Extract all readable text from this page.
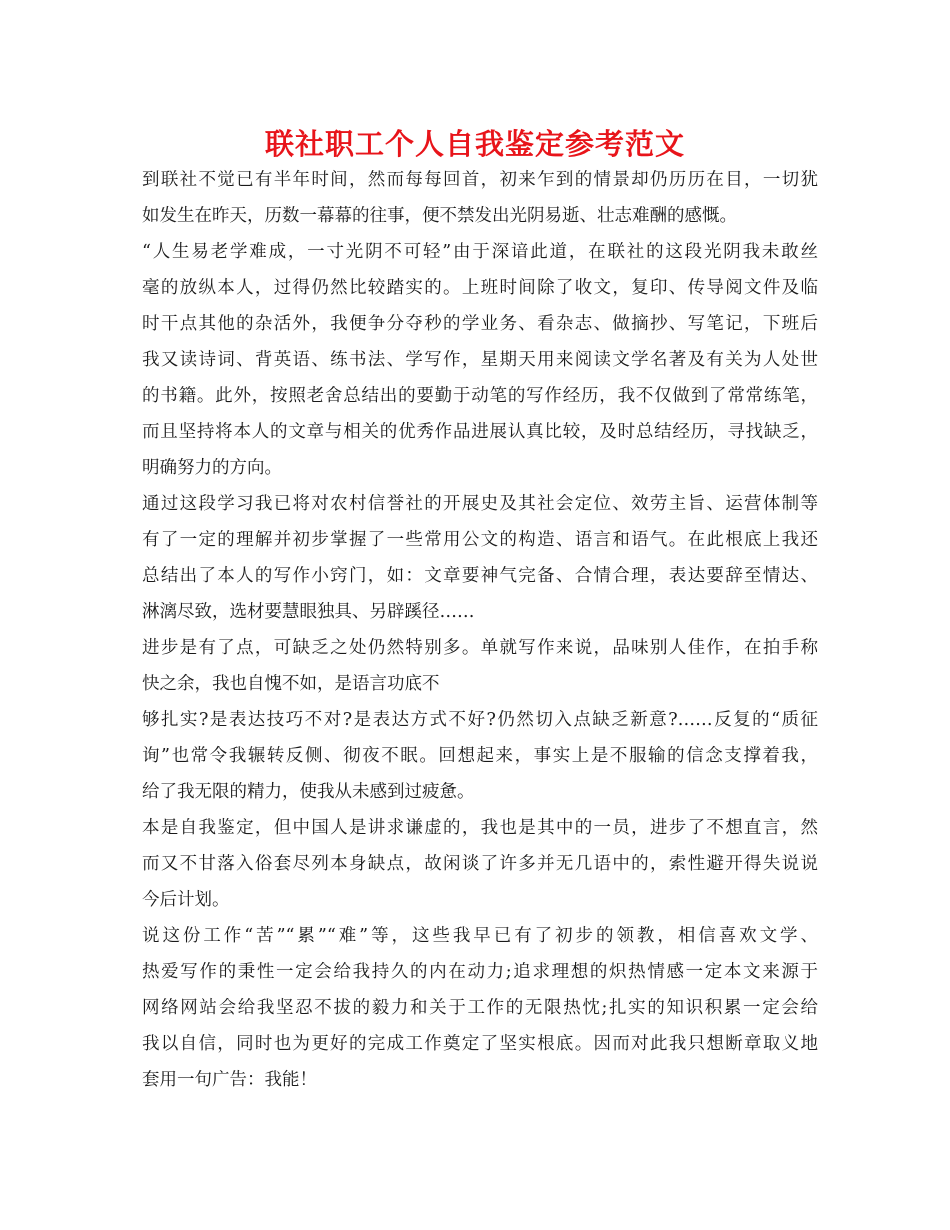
联社职工个人自我鉴定参考范文
到联社不觉已有半年时间，然而每每回首，初来乍到的情景却仍历历在目，一切犹
如发生在昨天，历数一幕幕的往事，便不禁发出光阴易逝、壮志难酬的感慨。
“人生易老学难成，一寸光阴不可轻”由于深谙此道，在联社的这段光阴我未敢丝
毫的放纵本人，过得仍然比较踏实的。上班时间除了收文，复印、传导阅文件及临
时干点其他的杂活外，我便争分夺秒的学业务、看杂志、做摘抄、写笔记，下班后
我又读诗词、背英语、练书法、学写作，星期天用来阅读文学名著及有关为人处世
的书籍。此外，按照老舍总结出的要勤于动笔的写作经历，我不仅做到了常常练笔，
而且坚持将本人的文章与相关的优秀作品进展认真比较，及时总结经历，寻找缺乏，
明确努力的方向。
通过这段学习我已将对农村信誉社的开展史及其社会定位、效劳主旨、运营体制等
有了一定的理解并初步掌握了一些常用公文的构造、语言和语气。在此根底上我还
总结出了本人的写作小窍门，如：文章要神气完备、合情合理，表达要辞至情达、
淋漓尽致，选材要慧眼独具、另辟蹊径……
进步是有了点，可缺乏之处仍然特别多。单就写作来说，品味别人佳作，在拍手称
快之余，我也自愧不如，是语言功底不
够扎实?是表达技巧不对?是表达方式不好?仍然切入点缺乏新意?……反复的“质征
询”也常令我辗转反侧、彻夜不眠。回想起来，事实上是不服输的信念支撑着我，
给了我无限的精力，使我从未感到过疲惫。
本是自我鉴定，但中国人是讲求谦虚的，我也是其中的一员，进步了不想直言，然
而又不甘落入俗套尽列本身缺点，故闲谈了许多并无几语中的，索性避开得失说说
今后计划。
说这份工作“苦”“累”“难”等，这些我早已有了初步的领教，相信喜欢文学、
热爱写作的秉性一定会给我持久的内在动力;追求理想的炽热情感一定本文来源于
网络网站会给我坚忍不拔的毅力和关于工作的无限热忱;扎实的知识积累一定会给
我以自信，同时也为更好的完成工作奠定了坚实根底。因而对此我只想断章取义地
套用一句广告：我能！
